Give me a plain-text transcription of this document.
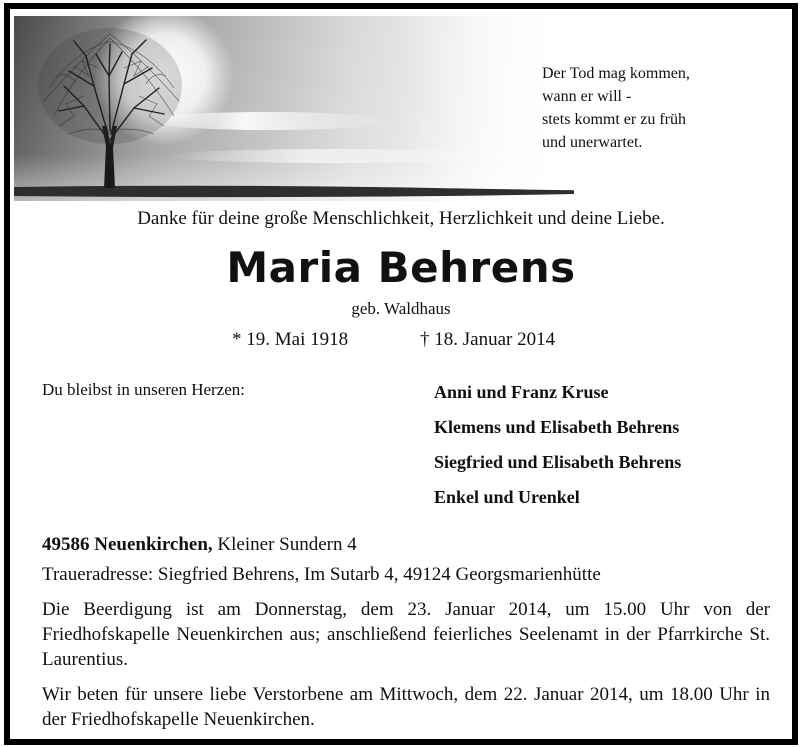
Der Tod mag kommen,
wann er will -
stets kommt er zu früh
und unerwartet.
Danke für deine große Menschlichkeit, Herzlichkeit und deine Liebe.
Maria Behrens
geb. Waldhaus
* 19. Mai 1918	† 18. Januar 2014
Du bleibst in unseren Herzen:	Anni und Franz Kruse
Klemens und Elisabeth Behrens
Siegfried und Elisabeth Behrens
Enkel und Urenkel
49586 Neuenkirchen, Kleiner Sundern 4
Traueradresse: Siegfried Behrens, Im Sutarb 4, 49124 Georgsmarienhütte
Die Beerdigung ist am Donnerstag, dem 23. Januar 2014, um 15.00 Uhr von der Friedhofskapelle Neuenkirchen aus; anschließend feierliches Seelenamt in der Pfarrkirche St. Laurentius.
Wir beten für unsere liebe Verstorbene am Mittwoch, dem 22. Januar 2014, um 18.00 Uhr in der Friedhofskapelle Neuenkirchen.
